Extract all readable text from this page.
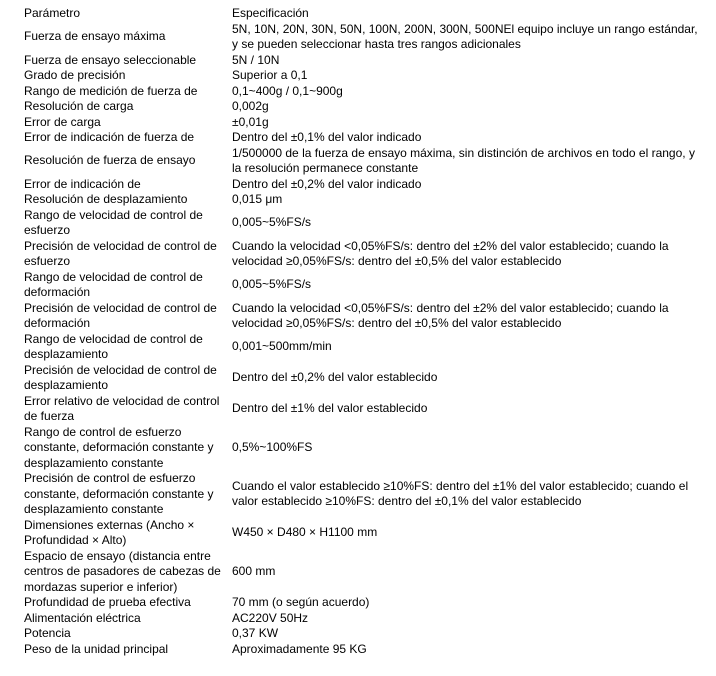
Parámetro	Especificación
Fuerza de ensayo máxima	5N, 10N, 20N, 30N, 50N, 100N, 200N, 300N, 500NEl equipo incluye un rango estándar, y se pueden seleccionar hasta tres rangos adicionales
Fuerza de ensayo seleccionable	5N / 10N
Grado de precisión	Superior a 0,1
Rango de medición de fuerza de	0,1~400g / 0,1~900g
Resolución de carga	0,002g
Error de carga	±0,01g
Error de indicación de fuerza de	Dentro del ±0,1% del valor indicado
Resolución de fuerza de ensayo	1/500000 de la fuerza de ensayo máxima, sin distinción de archivos en todo el rango, y la resolución permanece constante
Error de indicación de	Dentro del ±0,2% del valor indicado
Resolución de desplazamiento	0,015 μm
Rango de velocidad de control de esfuerzo	0,005~5%FS/s
Precisión de velocidad de control de esfuerzo	Cuando la velocidad <0,05%FS/s: dentro del ±2% del valor establecido; cuando la velocidad ≥0,05%FS/s: dentro del ±0,5% del valor establecido
Rango de velocidad de control de deformación	0,005~5%FS/s
Precisión de velocidad de control de deformación	Cuando la velocidad <0,05%FS/s: dentro del ±2% del valor establecido; cuando la velocidad ≥0,05%FS/s: dentro del ±0,5% del valor establecido
Rango de velocidad de control de desplazamiento	0,001~500mm/min
Precisión de velocidad de control de desplazamiento	Dentro del ±0,2% del valor establecido
Error relativo de velocidad de control de fuerza	Dentro del ±1% del valor establecido
Rango de control de esfuerzo constante, deformación constante y desplazamiento constante	0,5%~100%FS
Precisión de control de esfuerzo constante, deformación constante y desplazamiento constante	Cuando el valor establecido ≥10%FS: dentro del ±1% del valor establecido; cuando el valor establecido ≥10%FS: dentro del ±0,1% del valor establecido
Dimensiones externas (Ancho × Profundidad × Alto)	W450 × D480 × H1100 mm
Espacio de ensayo (distancia entre centros de pasadores de cabezas de mordazas superior e inferior)	600 mm
Profundidad de prueba efectiva	70 mm (o según acuerdo)
Alimentación eléctrica	AC220V 50Hz
Potencia	0,37 KW
Peso de la unidad principal	Aproximadamente 95 KG
